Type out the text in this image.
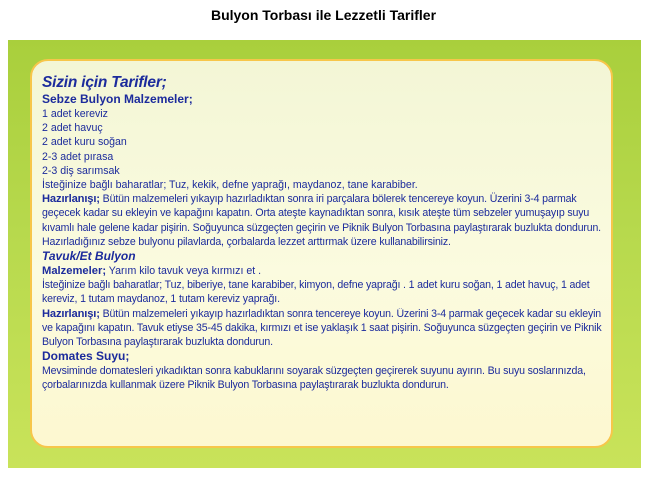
Bulyon Torbası ile Lezzetli Tarifler
Sizin için Tarifler;
Sebze Bulyon Malzemeler;
1 adet kereviz
2 adet havuç
2 adet kuru soğan
2-3 adet pırasa
2-3 diş sarımsak
İsteğinize bağlı baharatlar; Tuz, kekik, defne yaprağı, maydanoz, tane karabiber.
Hazırlanışı; Bütün malzemeleri yıkayıp hazırladıktan sonra iri parçalara bölerek tencereye koyun. Üzerini 3-4 parmak
geçecek kadar su ekleyin ve kapağını kapatın. Orta ateşte kaynadıktan sonra, kısık ateşte tüm sebzeler yumuşayıp suyu
kıvamlı hale gelene kadar pişirin. Soğuyunca süzgeçten geçirin ve Piknik Bulyon Torbasına paylaştırarak buzlukta dondurun.
Hazırladığınız sebze bulyonu pilavlarda, çorbalarda lezzet arttırmak üzere kullanabilirsiniz.
Tavuk/Et Bulyon
Malzemeler; Yarım kilo tavuk veya kırmızı et .
İsteğinize bağlı baharatlar; Tuz, biberiye, tane karabiber, kimyon, defne yaprağı . 1 adet kuru soğan, 1 adet havuç, 1 adet
kereviz, 1 tutam maydanoz, 1 tutam kereviz yaprağı.
Hazırlanışı; Bütün malzemeleri yıkayıp hazırladıktan sonra tencereye koyun. Üzerini 3-4 parmak geçecek kadar su ekleyin
ve kapağını kapatın. Tavuk etiyse 35-45 dakika, kırmızı et ise yaklaşık 1 saat pişirin. Soğuyunca süzgeçten geçirin ve Piknik
Bulyon Torbasına paylaştırarak buzlukta dondurun.
Domates Suyu;
Mevsiminde domatesleri yıkadıktan sonra kabuklarını soyarak süzgeçten geçirerek suyunu ayırın. Bu suyu soslarınızda,
çorbalarınızda kullanmak üzere Piknik Bulyon Torbasına paylaştırarak buzlukta dondurun.
